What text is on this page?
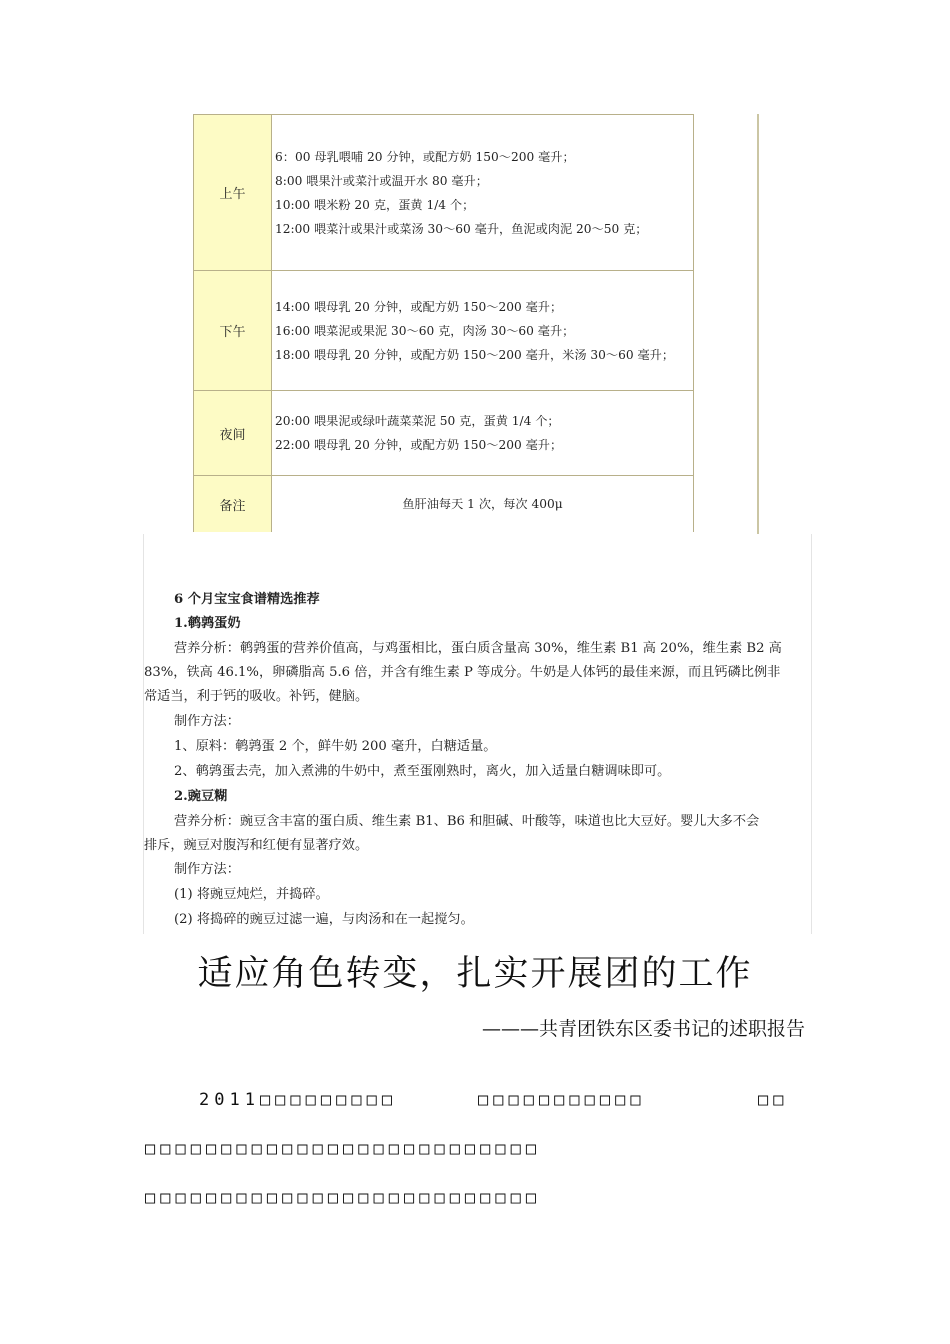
上午	6：00 母乳喂哺 20 分钟，或配方奶 150～200 毫升；
8:00 喂果汁或菜汁或温开水 80 毫升；
10:00 喂米粉 20 克，蛋黄 1/4 个；
12:00 喂菜汁或果汁或菜汤 30～60 毫升，鱼泥或肉泥 20～50 克；

下午	14:00 喂母乳 20 分钟，或配方奶 150～200 毫升；
16:00 喂菜泥或果泥 30～60 克，肉汤 30～60 毫升；
18:00 喂母乳 20 分钟，或配方奶 150～200 毫升，米汤 30～60 毫升；

夜间	20:00 喂果泥或绿叶蔬菜菜泥 50 克，蛋黄 1/4 个；
22:00 喂母乳 20 分钟，或配方奶 150～200 毫升；

备注	鱼肝油每天 1 次，每次 400μ
6 个月宝宝食谱精选推荐
1.鹌鹑蛋奶
营养分析：鹌鹑蛋的营养价值高，与鸡蛋相比，蛋白质含量高 30%，维生素 B1 高 20%，维生素 B2 高
83%，铁高 46.1%，卵磷脂高 5.6 倍，并含有维生素 P 等成分。牛奶是人体钙的最佳来源，而且钙磷比例非
常适当，利于钙的吸收。补钙，健脑。
制作方法：
1、原料：鹌鹑蛋 2 个，鲜牛奶 200 毫升，白糖适量。
2、鹌鹑蛋去壳，加入煮沸的牛奶中，煮至蛋刚熟时，离火，加入适量白糖调味即可。
2.豌豆糊
营养分析：豌豆含丰富的蛋白质、维生素 B1、B6 和胆碱、叶酸等，味道也比大豆好。婴儿大多不会
排斥，豌豆对腹泻和红便有显著疗效。
制作方法：
(1) 将豌豆炖烂，并捣碎。
(2) 将捣碎的豌豆过滤一遍，与肉汤和在一起搅匀。
适应角色转变，扎实开展团的工作
———共青团铁东区委书记的述职报告
2011□□□□□□□□□	□□□□□□□□□□□	□□
□□□□□□□□□□□□□□□□□□□□□□□□□□
□□□□□□□□□□□□□□□□□□□□□□□□□□
